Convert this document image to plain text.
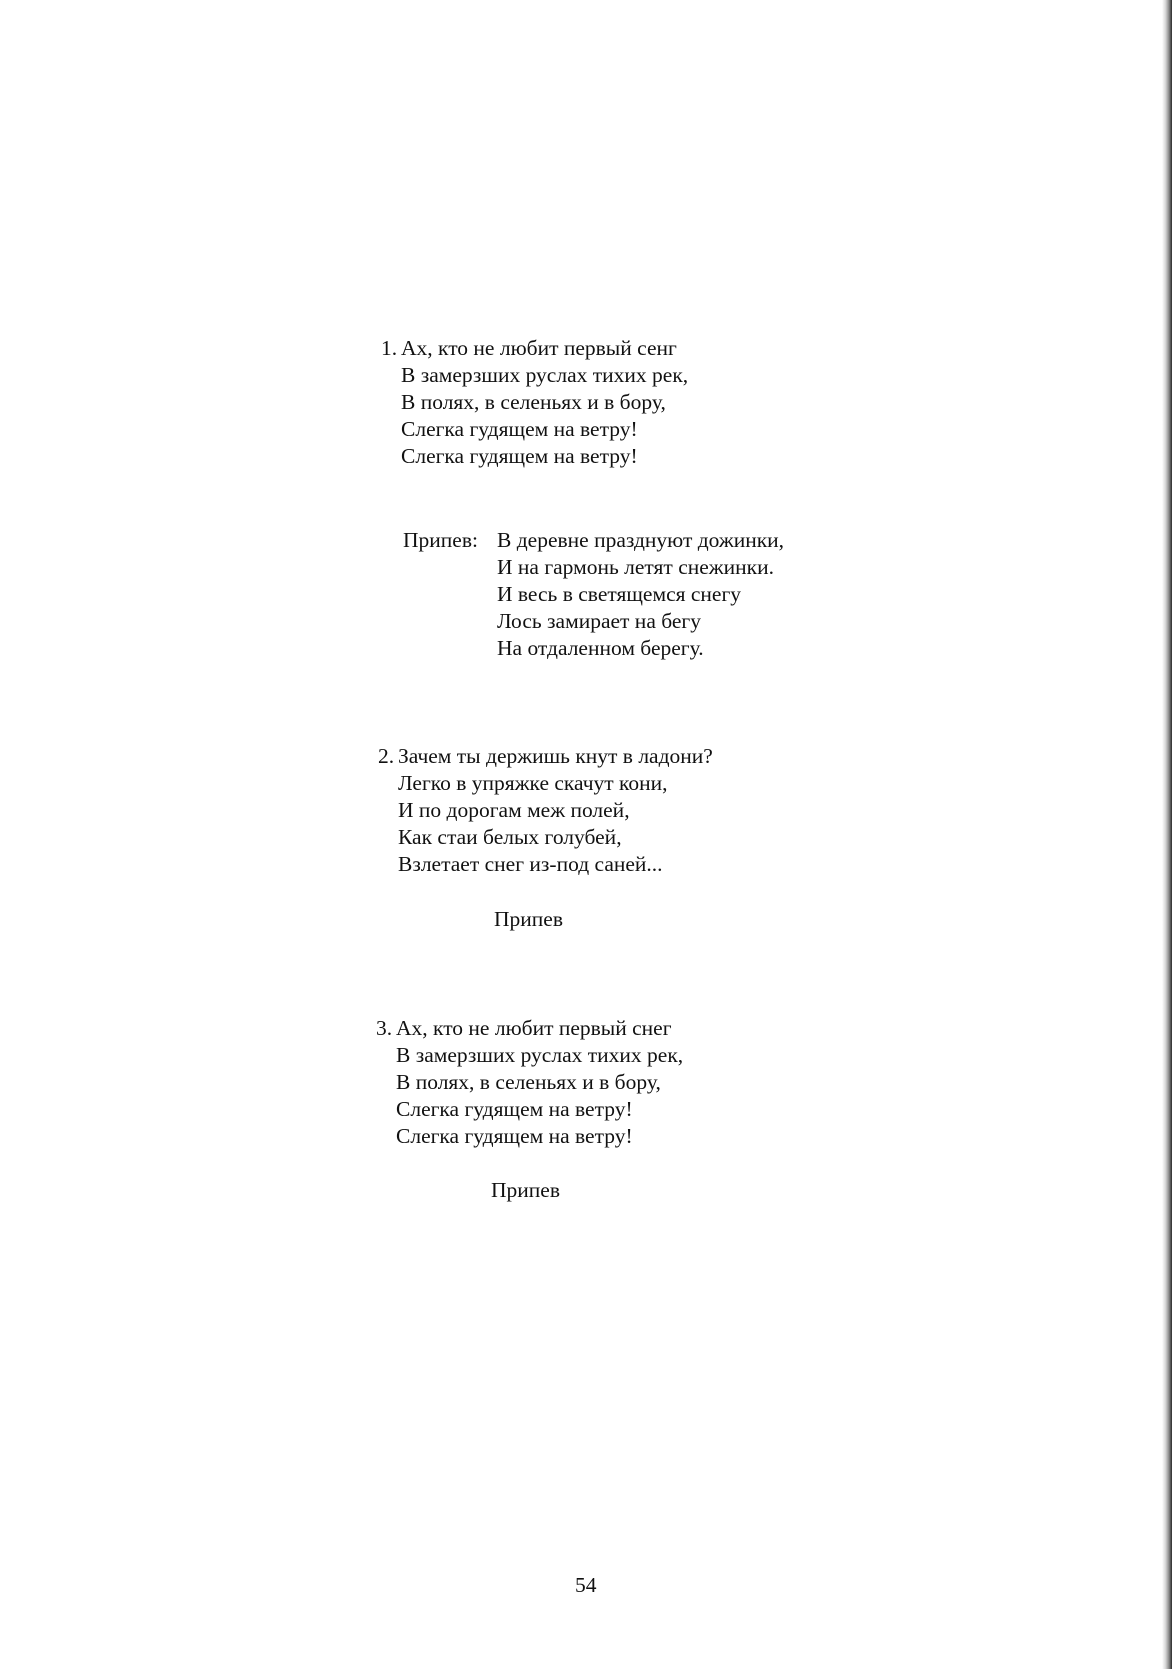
1. Ах, кто не любит первый сенг
В замерзших руслах тихих рек,
В полях, в селеньях и в бору,
Слегка гудящем на ветру!
Слегка гудящем на ветру!
Припев: В деревне празднуют дожинки,
И на гармонь летят снежинки.
И весь в светящемся снегу
Лось замирает на бегу
На отдаленном берегу.
2. Зачем ты держишь кнут в ладони?
Легко в упряжке скачут кони,
И по дорогам меж полей,
Как стаи белых голубей,
Взлетает снег из-под саней...
Припев
3. Ах, кто не любит первый снег
В замерзших руслах тихих рек,
В полях, в селеньях и в бору,
Слегка гудящем на ветру!
Слегка гудящем на ветру!
Припев
54
